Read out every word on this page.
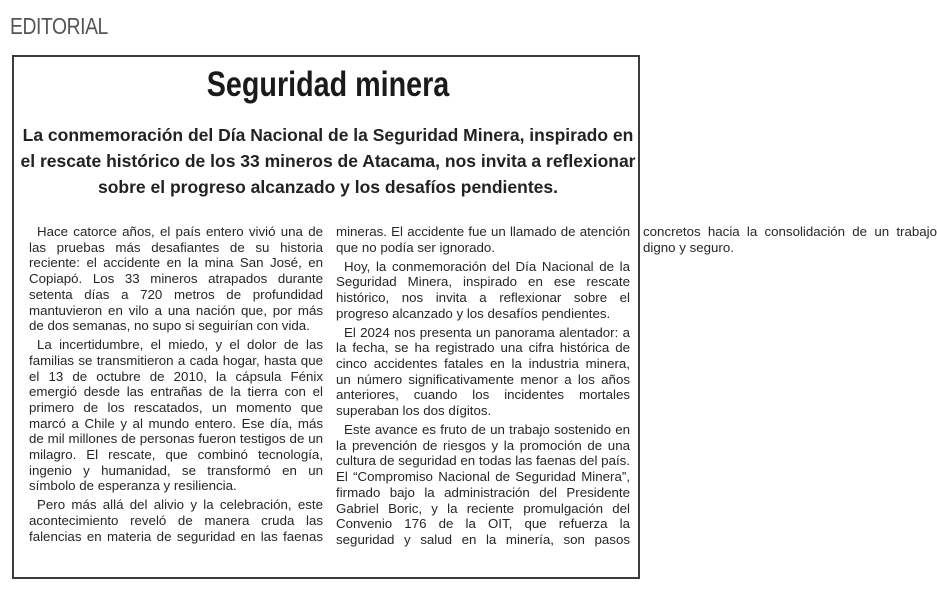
EDITORIAL
Seguridad minera

La conmemoración del Día Nacional de la Seguridad Minera, inspirado en el rescate histórico de los 33 mineros de Atacama, nos invita a reflexionar sobre el progreso alcanzado y los desafíos pendientes.

Hace catorce años, el país entero vivió una de las pruebas más desafiantes de su historia reciente: el accidente en la mina San José, en Copiapó. Los 33 mineros atrapados durante setenta días a 720 metros de profundidad mantuvieron en vilo a una nación que, por más de dos semanas, no supo si seguirían con vida.

La incertidumbre, el miedo, y el dolor de las familias se transmitieron a cada hogar, hasta que el 13 de octubre de 2010, la cápsula Fénix emergió desde las entrañas de la tierra con el primero de los rescatados, un momento que marcó a Chile y al mundo entero. Ese día, más de mil millones de personas fueron testigos de un milagro. El rescate, que combinó tecnología, ingenio y humanidad, se transformó en un símbolo de esperanza y resiliencia.

Pero más allá del alivio y la celebración, este acontecimiento reveló de manera cruda las falencias en materia de seguridad en las faenas mineras. El accidente fue un llamado de atención que no podía ser ignorado.

Hoy, la conmemoración del Día Nacional de la Seguridad Minera, inspirado en ese rescate histórico, nos invita a reflexionar sobre el progreso alcanzado y los desafíos pendientes.

El 2024 nos presenta un panorama alentador: a la fecha, se ha registrado una cifra histórica de cinco accidentes fatales en la industria minera, un número significativamente menor a los años anteriores, cuando los incidentes mortales superaban los dos dígitos.

Este avance es fruto de un trabajo sostenido en la prevención de riesgos y la promoción de una cultura de seguridad en todas las faenas del país. El “Compromiso Nacional de Seguridad Minera”, firmado bajo la administración del Presidente Gabriel Boric, y la reciente promulgación del Convenio 176 de la OIT, que refuerza la seguridad y salud en la minería, son pasos concretos hacia la consolidación de un trabajo digno y seguro.
